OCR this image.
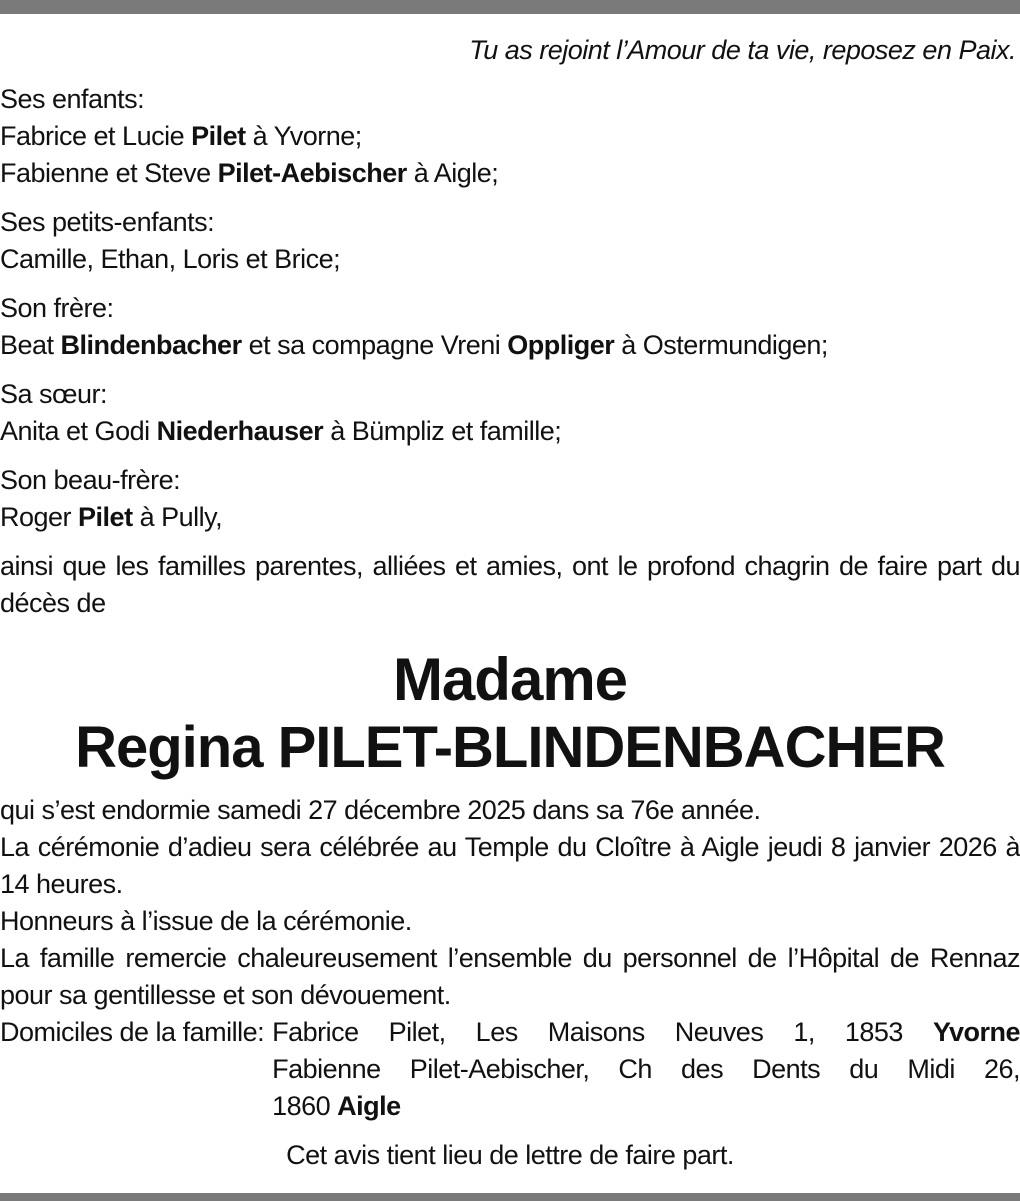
Tu as rejoint l’Amour de ta vie, reposez en Paix.
Ses enfants:
Fabrice et Lucie Pilet à Yvorne;
Fabienne et Steve Pilet-Aebischer à Aigle;
Ses petits-enfants:
Camille, Ethan, Loris et Brice;
Son frère:
Beat Blindenbacher et sa compagne Vreni Oppliger à Ostermundigen;
Sa sœur:
Anita et Godi Niederhauser à Bümpliz et famille;
Son beau-frère:
Roger Pilet à Pully,
ainsi que les familles parentes, alliées et amies, ont le profond chagrin de faire part du décès de
Madame
Regina PILET-BLINDENBACHER
qui s’est endormie samedi 27 décembre 2025 dans sa 76e année.
La cérémonie d’adieu sera célébrée au Temple du Cloître à Aigle jeudi 8 janvier 2026 à 14 heures.
Honneurs à l’issue de la cérémonie.
La famille remercie chaleureusement l’ensemble du personnel de l’Hôpital de Rennaz pour sa gentillesse et son dévouement.
Domiciles de la famille: Fabrice Pilet, Les Maisons Neuves 1, 1853 Yvorne
Fabienne Pilet-Aebischer, Ch des Dents du Midi 26,
1860 Aigle
Cet avis tient lieu de lettre de faire part.
